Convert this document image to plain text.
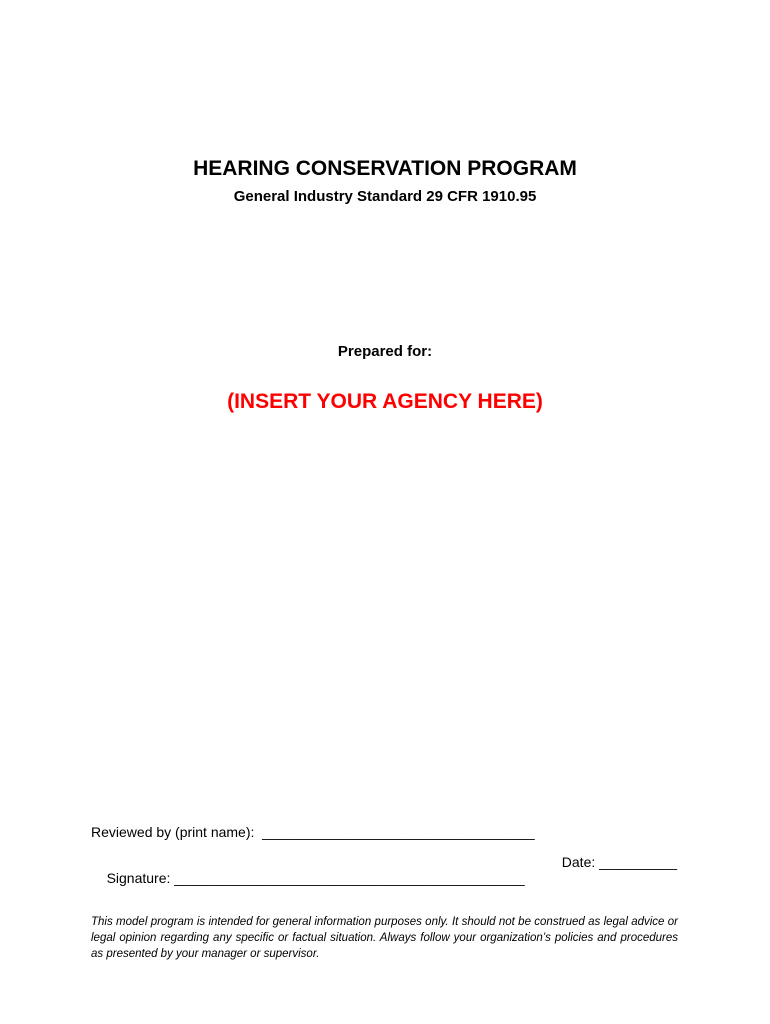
HEARING CONSERVATION PROGRAM
General Industry Standard 29 CFR 1910.95
Prepared for:
(INSERT YOUR AGENCY HERE)
Reviewed by (print name):  ___________________________________

Signature: _____________________________________________

Date: __________

This model program is intended for general information purposes only. It should not be construed as legal advice or legal opinion regarding any specific or factual situation. Always follow your organization’s policies and procedures as presented by your manager or supervisor.
